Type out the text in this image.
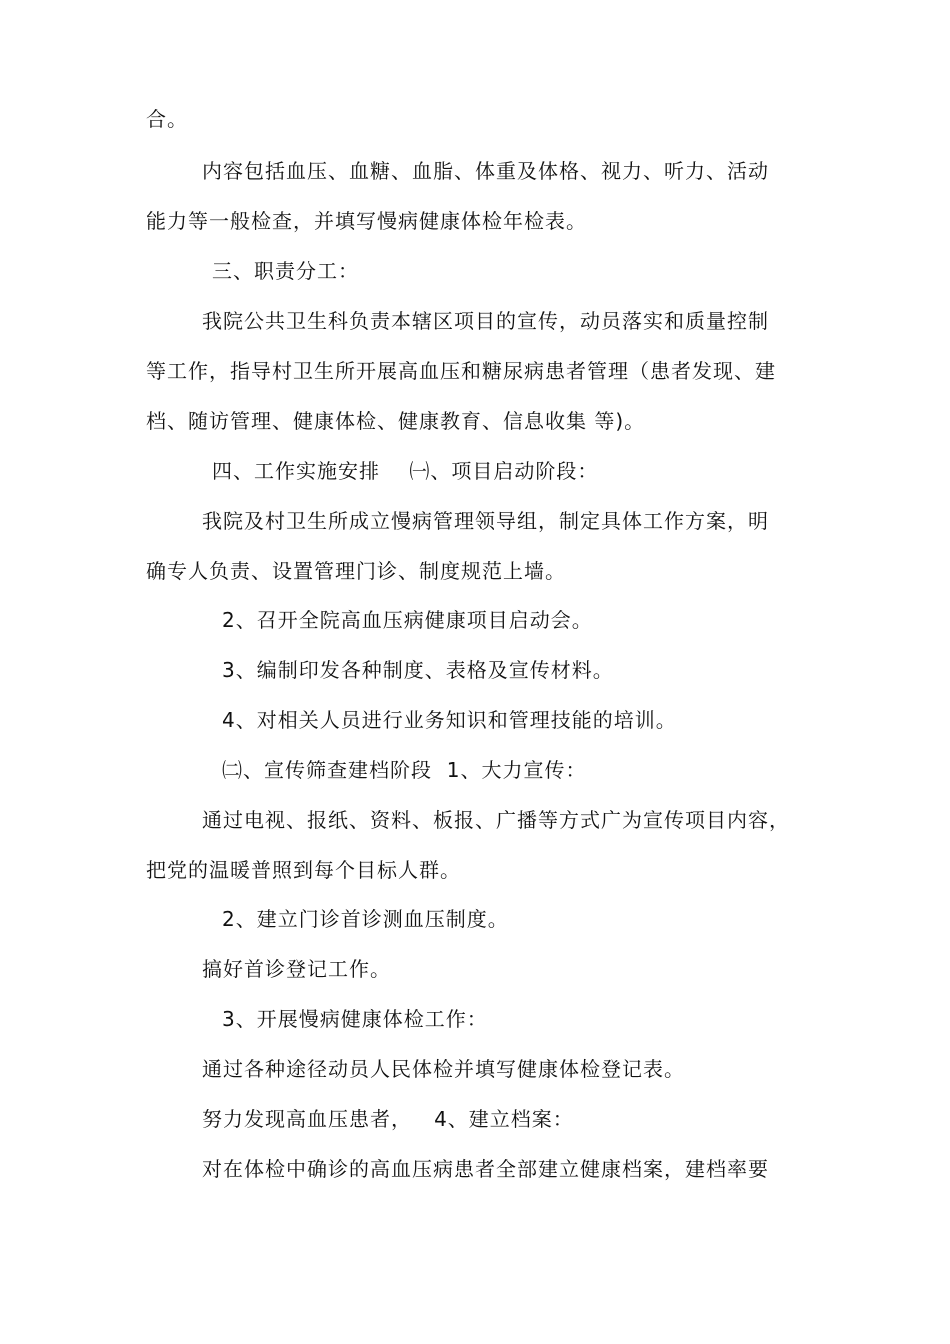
合。
内容包括血压、血糖、血脂、体重及体格、视力、听力、活动
能力等一般检查，并填写慢病健康体检年检表。
三、职责分工：
我院公共卫生科负责本辖区项目的宣传，动员落实和质量控制
等工作，指导村卫生所开展高血压和糖尿病患者管理（患者发现、建
档、随访管理、健康体检、健康教育、信息收集 等)。
四、工作实施安排    ㈠、项目启动阶段：
我院及村卫生所成立慢病管理领导组，制定具体工作方案，明
确专人负责、设置管理门诊、制度规范上墙。
2、召开全院高血压病健康项目启动会。
3、编制印发各种制度、表格及宣传材料。
4、对相关人员进行业务知识和管理技能的培训。
㈡、宣传筛查建档阶段  1、大力宣传：
通过电视、报纸、资料、板报、广播等方式广为宣传项目内容，
把党的温暖普照到每个目标人群。
2、建立门诊首诊测血压制度。
搞好首诊登记工作。
3、开展慢病健康体检工作：
通过各种途径动员人民体检并填写健康体检登记表。
努力发现高血压患者，   4、建立档案：
对在体检中确诊的高血压病患者全部建立健康档案，建档率要
